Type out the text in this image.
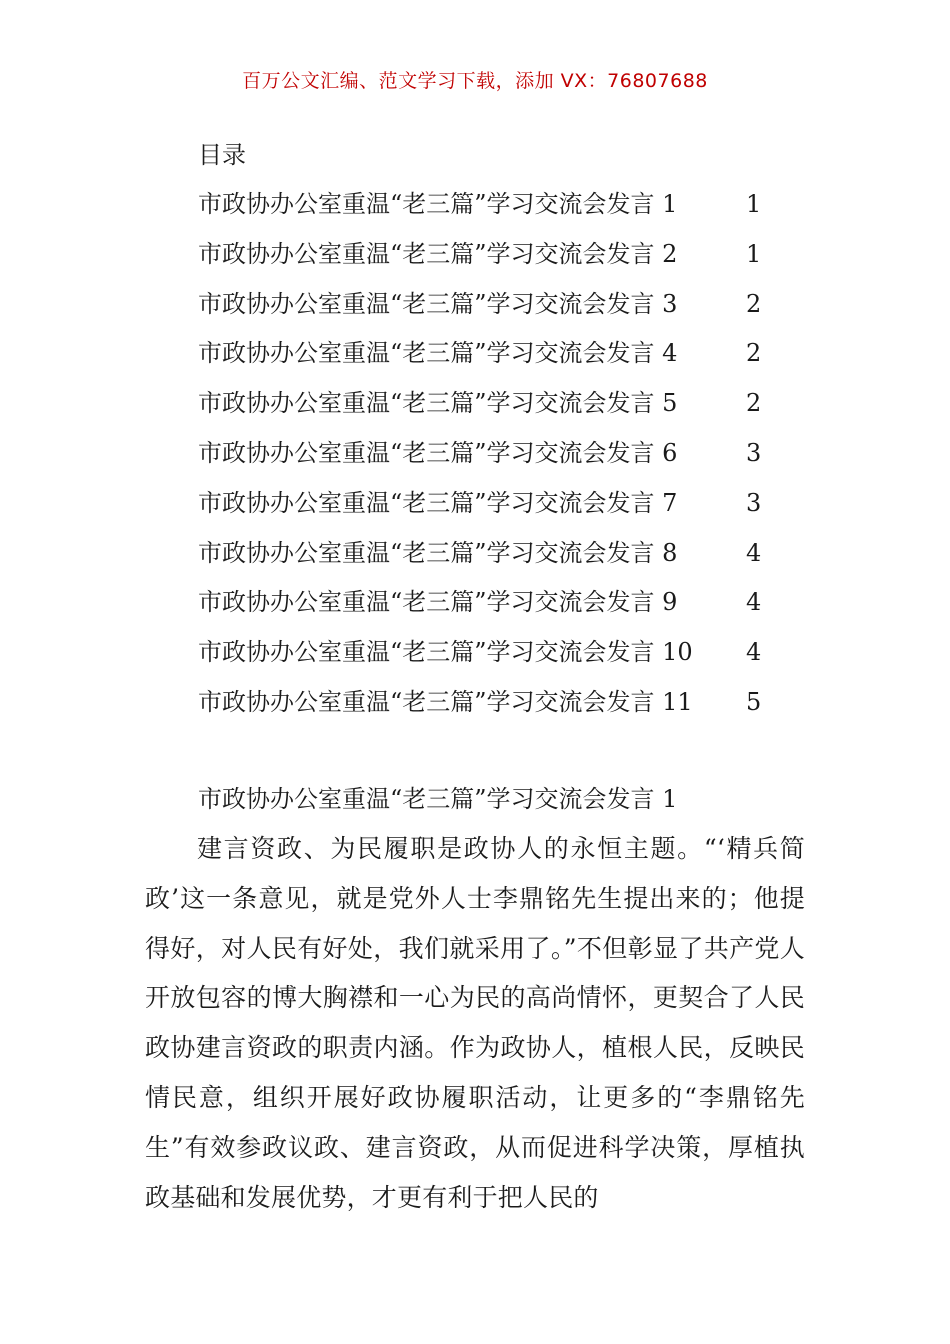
百万公文汇编、范文学习下载，添加 VX：76807688
目录
市政协办公室重温“老三篇”学习交流会发言 1	1
市政协办公室重温“老三篇”学习交流会发言 2	1
市政协办公室重温“老三篇”学习交流会发言 3	2
市政协办公室重温“老三篇”学习交流会发言 4	2
市政协办公室重温“老三篇”学习交流会发言 5	2
市政协办公室重温“老三篇”学习交流会发言 6	3
市政协办公室重温“老三篇”学习交流会发言 7	3
市政协办公室重温“老三篇”学习交流会发言 8	4
市政协办公室重温“老三篇”学习交流会发言 9	4
市政协办公室重温“老三篇”学习交流会发言 10 4
市政协办公室重温“老三篇”学习交流会发言 11 5
市政协办公室重温“老三篇”学习交流会发言 1

建言资政、为民履职是政协人的永恒主题。“‘精兵简政’这一条意见，就是党外人士李鼎铭先生提出来的；他提得好，对人民有好处，我们就采用了。”不但彰显了共产党人开放包容的博大胸襟和一心为民的高尚情怀，更契合了人民政协建言资政的职责内涵。作为政协人，植根人民，反映民情民意，组织开展好政协履职活动，让更多的“李鼎铭先生”有效参政议政、建言资政，从而促进科学决策，厚植执政基础和发展优势，才更有利于把人民的
